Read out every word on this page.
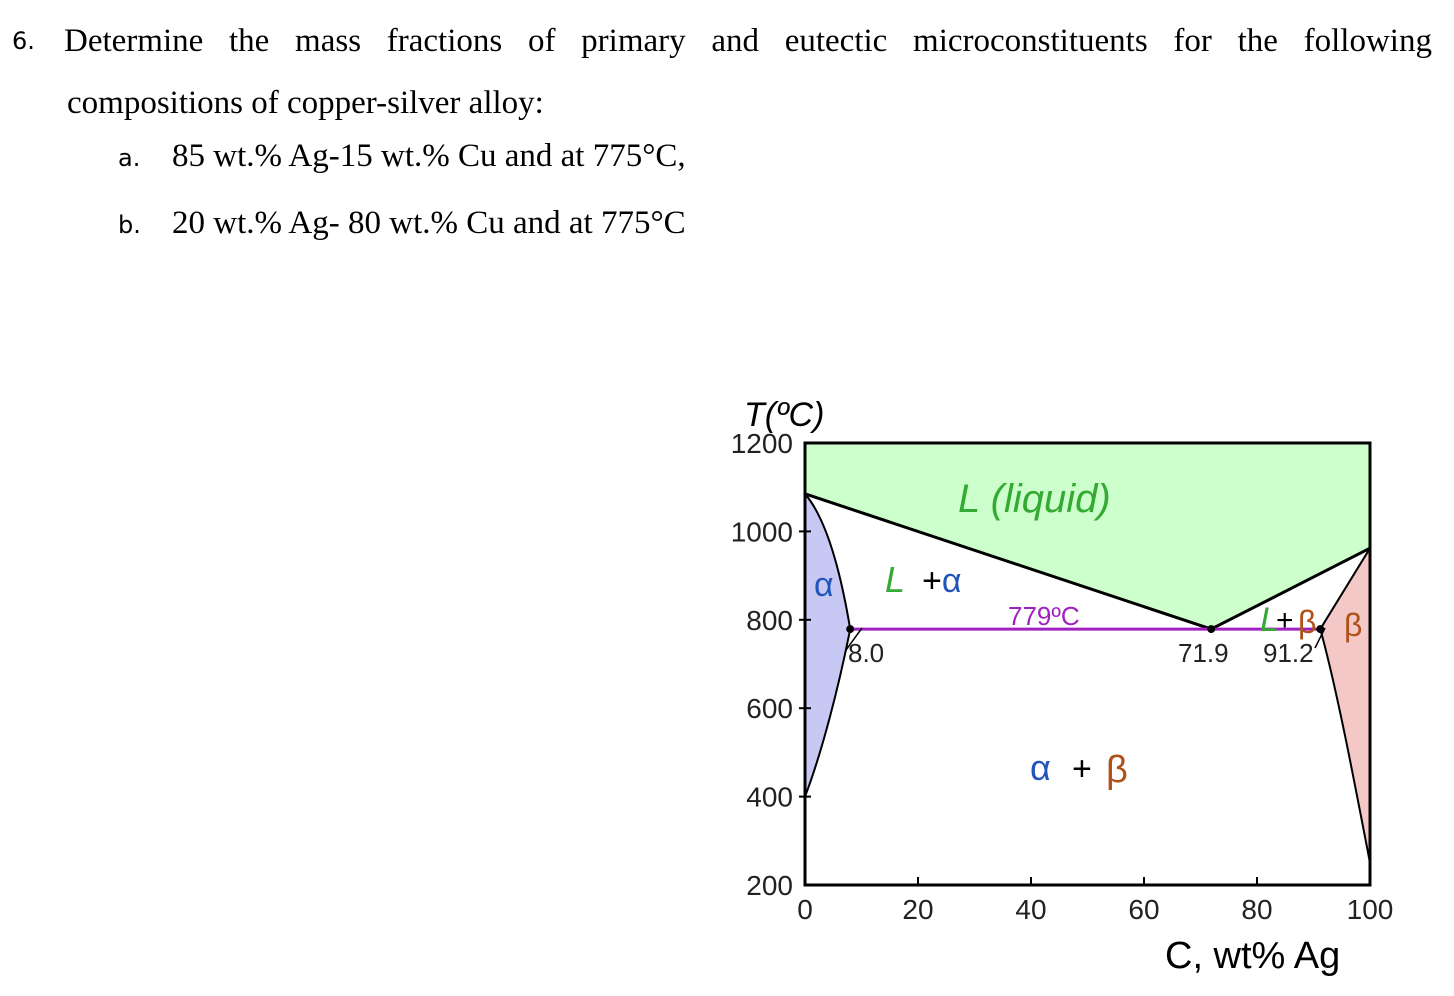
6. Determine the mass fractions of primary and eutectic microconstituents for the following
compositions of copper-silver alloy:
a. 85 wt.% Ag-15 wt.% Cu and at 775°C,
b. 20 wt.% Ag- 80 wt.% Cu and at 775°C
0	20	40	60	80	100
1200
1000
800
600
400
200
T(ºC)
C, wt% Ag
8.0	71.9 91.2
779ºC
L (liquid)
L +α
α
α + β
L
+ β β
